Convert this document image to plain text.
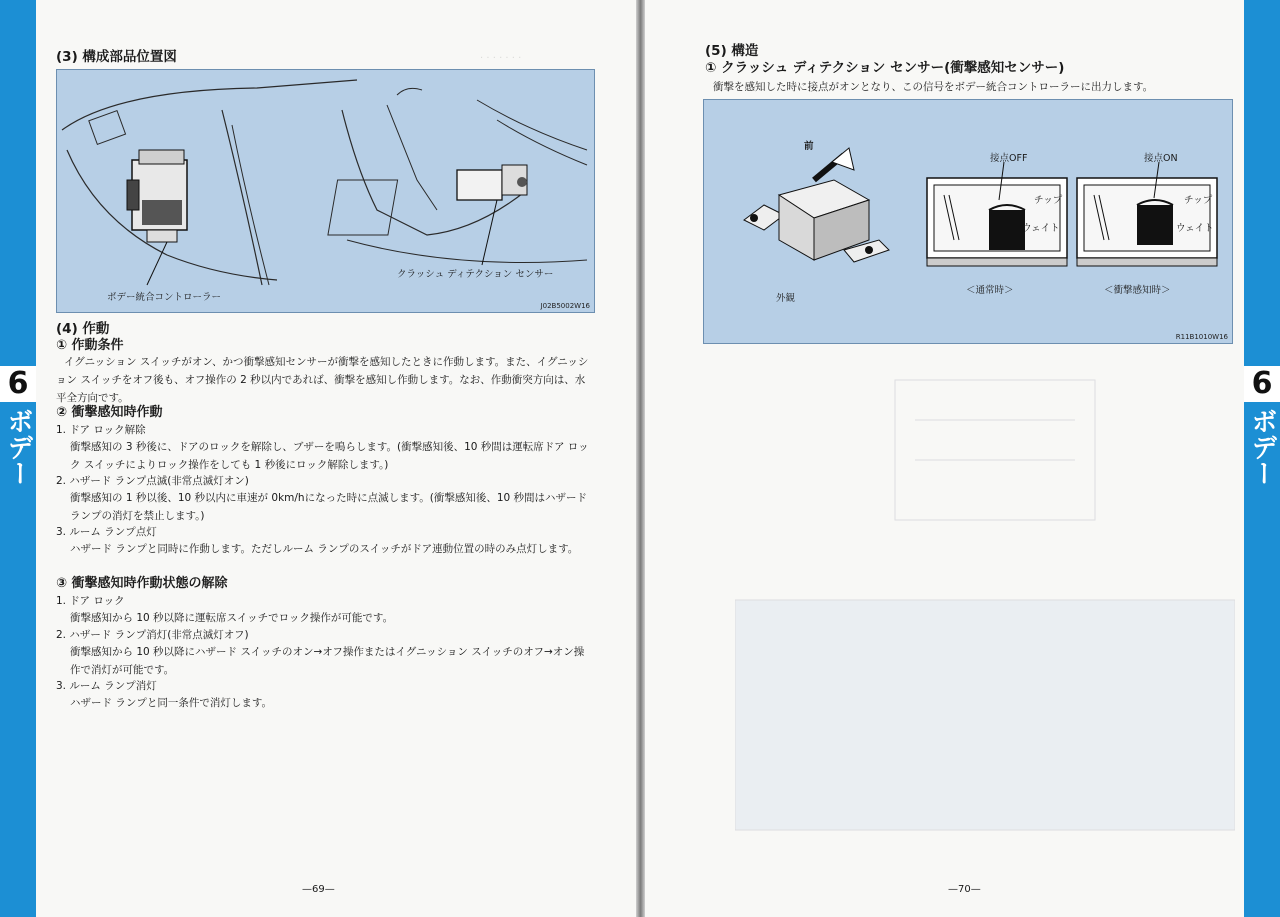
6
ボデー
. . . . . . .
(3) 構成部品位置図
ボデー統合コントローラー
クラッシュ ディテクション センサー
J02B5002W16
(4) 作動
① 作動条件
イグニッション スイッチがオン、かつ衝撃感知センサーが衝撃を感知したときに作動します。また、イグニッション スイッチをオフ後も、オフ操作の 2 秒以内であれば、衝撃を感知し作動します。なお、作動衝突方向は、水平全方向です。
② 衝撃感知時作動
1. ドア ロック解除
衝撃感知の 3 秒後に、ドアのロックを解除し、ブザーを鳴らします。(衝撃感知後、10 秒間は運転席ドア ロック スイッチによりロック操作をしても 1 秒後にロック解除します。)
2. ハザード ランプ点滅(非常点滅灯オン)
衝撃感知の 1 秒以後、10 秒以内に車速が 0km/hになった時に点滅します。(衝撃感知後、10 秒間はハザード ランプの消灯を禁止します。)
3. ルーム ランプ点灯
ハザード ランプと同時に作動します。ただしルーム ランプのスイッチがドア連動位置の時のみ点灯します。
③ 衝撃感知時作動状態の解除
1. ドア ロック
衝撃感知から 10 秒以降に運転席スイッチでロック操作が可能です。
2. ハザード ランプ消灯(非常点滅灯オフ)
衝撃感知から 10 秒以降にハザード スイッチのオン→オフ操作またはイグニッション スイッチのオフ→オン操作で消灯が可能です。
3. ルーム ランプ消灯
ハザード ランプと同一条件で消灯します。
—69—
6
ボデー
(5) 構造
① クラッシュ ディテクション センサー(衝撃感知センサー)
衝撃を感知した時に接点がオンとなり、この信号をボデー統合コントローラーに出力します。
前
接点OFF	接点ON
チップ	チップ
ウェイト	ウェイト
＜通常時＞	＜衝撃感知時＞
外観
R11B1010W16
—70—
